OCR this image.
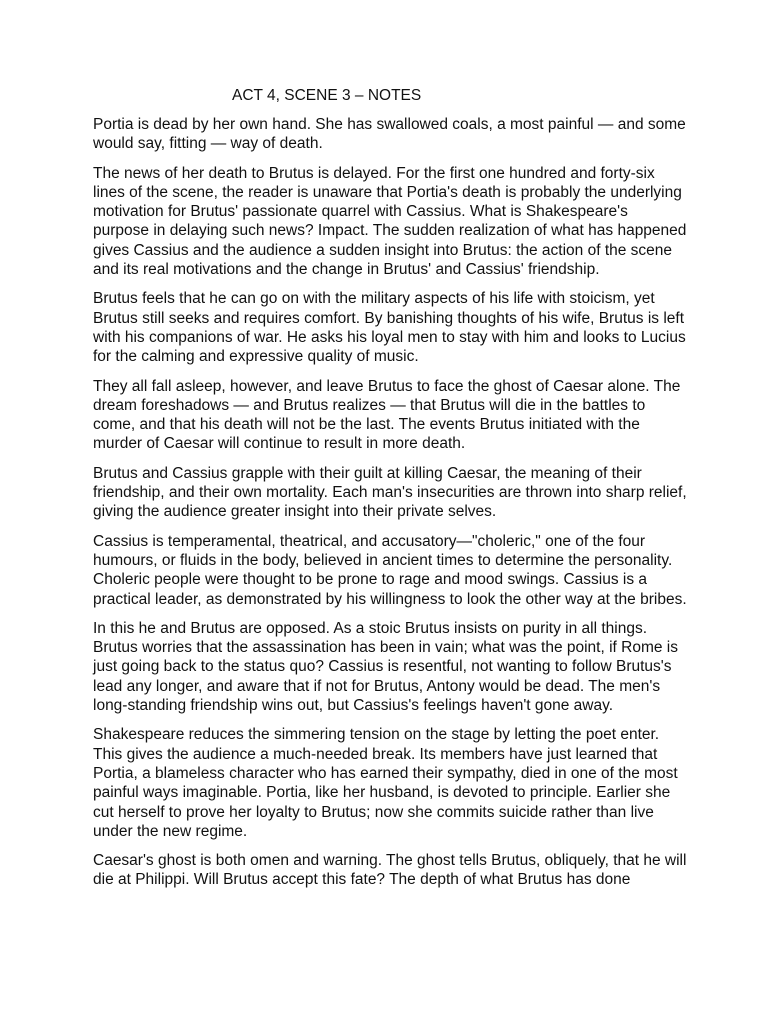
ACT 4, SCENE 3 – NOTES

Portia is dead by her own hand. She has swallowed coals, a most painful — and some would say, fitting — way of death.

The news of her death to Brutus is delayed. For the first one hundred and forty-six lines of the scene, the reader is unaware that Portia's death is probably the underlying motivation for Brutus' passionate quarrel with Cassius. What is Shakespeare's purpose in delaying such news? Impact. The sudden realization of what has happened gives Cassius and the audience a sudden insight into Brutus: the action of the scene and its real motivations and the change in Brutus' and Cassius' friendship.

Brutus feels that he can go on with the military aspects of his life with stoicism, yet Brutus still seeks and requires comfort. By banishing thoughts of his wife, Brutus is left with his companions of war. He asks his loyal men to stay with him and looks to Lucius for the calming and expressive quality of music.

They all fall asleep, however, and leave Brutus to face the ghost of Caesar alone. The dream foreshadows — and Brutus realizes — that Brutus will die in the battles to come, and that his death will not be the last. The events Brutus initiated with the murder of Caesar will continue to result in more death.

Brutus and Cassius grapple with their guilt at killing Caesar, the meaning of their friendship, and their own mortality. Each man's insecurities are thrown into sharp relief, giving the audience greater insight into their private selves.

Cassius is temperamental, theatrical, and accusatory—"choleric," one of the four humours, or fluids in the body, believed in ancient times to determine the personality. Choleric people were thought to be prone to rage and mood swings. Cassius is a practical leader, as demonstrated by his willingness to look the other way at the bribes.

In this he and Brutus are opposed. As a stoic Brutus insists on purity in all things. Brutus worries that the assassination has been in vain; what was the point, if Rome is just going back to the status quo? Cassius is resentful, not wanting to follow Brutus's lead any longer, and aware that if not for Brutus, Antony would be dead. The men's long-standing friendship wins out, but Cassius's feelings haven't gone away.

Shakespeare reduces the simmering tension on the stage by letting the poet enter. This gives the audience a much-needed break. Its members have just learned that Portia, a blameless character who has earned their sympathy, died in one of the most painful ways imaginable. Portia, like her husband, is devoted to principle. Earlier she cut herself to prove her loyalty to Brutus; now she commits suicide rather than live under the new regime.

Caesar's ghost is both omen and warning. The ghost tells Brutus, obliquely, that he will die at Philippi. Will Brutus accept this fate? The depth of what Brutus has done
